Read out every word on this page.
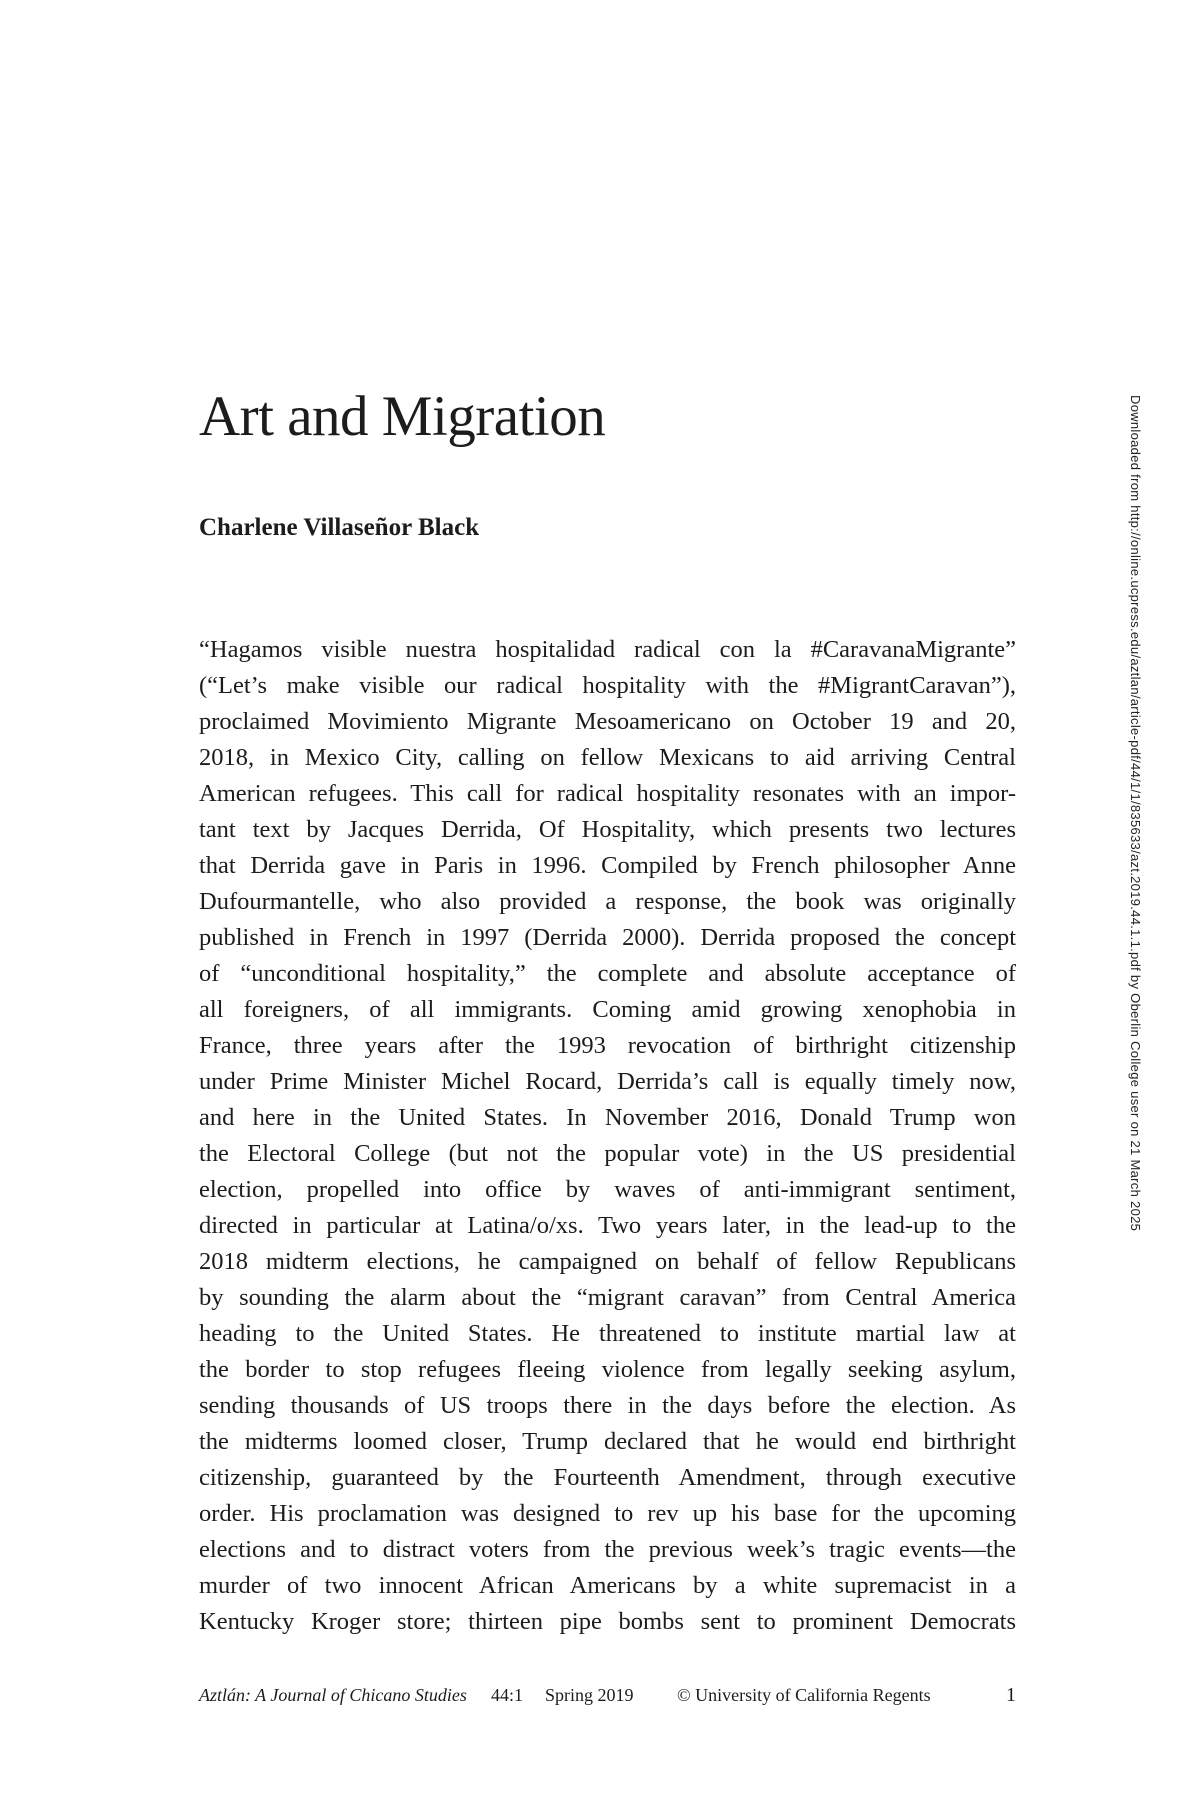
Art and Migration
Charlene Villaseñor Black
“Hagamos visible nuestra hospitalidad radical con la #CaravanaMigrante”
(“Let’s make visible our radical hospitality with the #MigrantCaravan”),
proclaimed Movimiento Migrante Mesoamericano on October 19 and 20,
2018, in Mexico City, calling on fellow Mexicans to aid arriving Central
American refugees. This call for radical hospitality resonates with an impor-
tant text by Jacques Derrida, Of Hospitality, which presents two lectures
that Derrida gave in Paris in 1996. Compiled by French philosopher Anne
Dufourmantelle, who also provided a response, the book was originally
published in French in 1997 (Derrida 2000). Derrida proposed the concept
of “unconditional hospitality,” the complete and absolute acceptance of
all foreigners, of all immigrants. Coming amid growing xenophobia in
France, three years after the 1993 revocation of birthright citizenship
under Prime Minister Michel Rocard, Derrida’s call is equally timely now,
and here in the United States. In November 2016, Donald Trump won
the Electoral College (but not the popular vote) in the US presidential
election, propelled into office by waves of anti-immigrant sentiment,
directed in particular at Latina/o/xs. Two years later, in the lead-up to the
2018 midterm elections, he campaigned on behalf of fellow Republicans
by sounding the alarm about the “migrant caravan” from Central America
heading to the United States. He threatened to institute martial law at
the border to stop refugees fleeing violence from legally seeking asylum,
sending thousands of US troops there in the days before the election. As
the midterms loomed closer, Trump declared that he would end birthright
citizenship, guaranteed by the Fourteenth Amendment, through executive
order. His proclamation was designed to rev up his base for the upcoming
elections and to distract voters from the previous week’s tragic events—the
murder of two innocent African Americans by a white supremacist in a
Kentucky Kroger store; thirteen pipe bombs sent to prominent Democrats
Aztlán: A Journal of Chicano Studies 44:1 Spring 2019 © University of California Regents	1
Downloaded from http://online.ucpress.edu/aztlan/article-pdf/44/1/1/835633/azt.2019.44.1.1.pdf by Oberlin College user on 21 March 2025
